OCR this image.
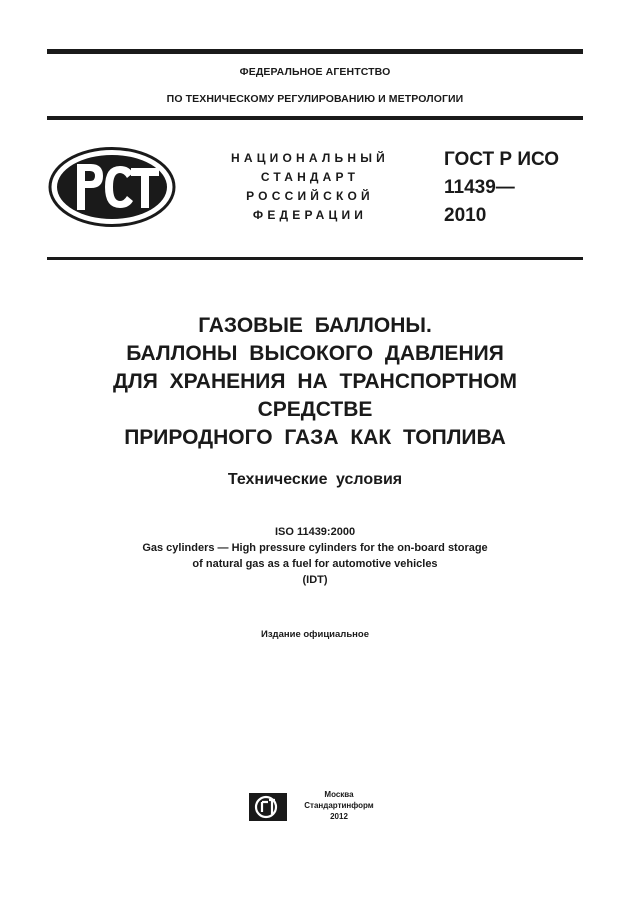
ФЕДЕРАЛЬНОЕ АГЕНТСТВО
ПО ТЕХНИЧЕСКОМУ РЕГУЛИРОВАНИЮ И МЕТРОЛОГИИ
НАЦИОНАЛЬНЫЙ
СТАНДАРТ
РОССИЙСКОЙ
ФЕДЕРАЦИИ
ГОСТ Р ИСО
11439—
2010
ГАЗОВЫЕ БАЛЛОНЫ.
БАЛЛОНЫ ВЫСОКОГО ДАВЛЕНИЯ
ДЛЯ ХРАНЕНИЯ НА ТРАНСПОРТНОМ
СРЕДСТВЕ
ПРИРОДНОГО ГАЗА КАК ТОПЛИВА
Технические условия
ISO 11439:2000
Gas cylinders — High pressure cylinders for the on-board storage
of natural gas as a fuel for automotive vehicles
(IDT)
Издание официальное
Москва
Стандартинформ
2012
